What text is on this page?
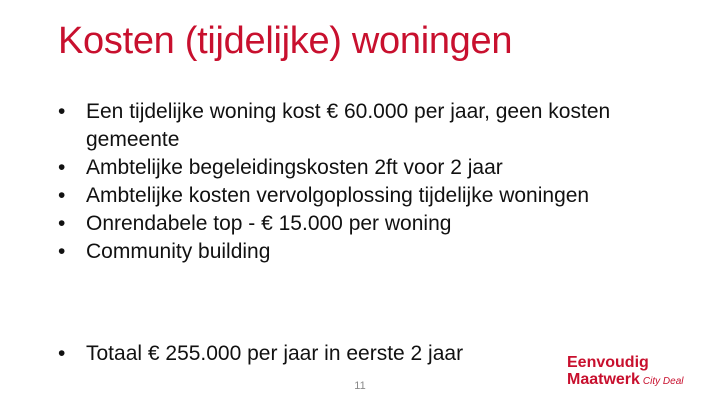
Kosten (tijdelijke) woningen
• Een tijdelijke woning kost € 60.000 per jaar, geen kosten gemeente
• Ambtelijke begeleidingskosten 2ft voor 2 jaar
• Ambtelijke kosten vervolgoplossing tijdelijke woningen
• Onrendabele top - € 15.000 per woning
• Community building
• Totaal € 255.000 per jaar in eerste 2 jaar
11
Eenvoudig
Maatwerk City Deal
